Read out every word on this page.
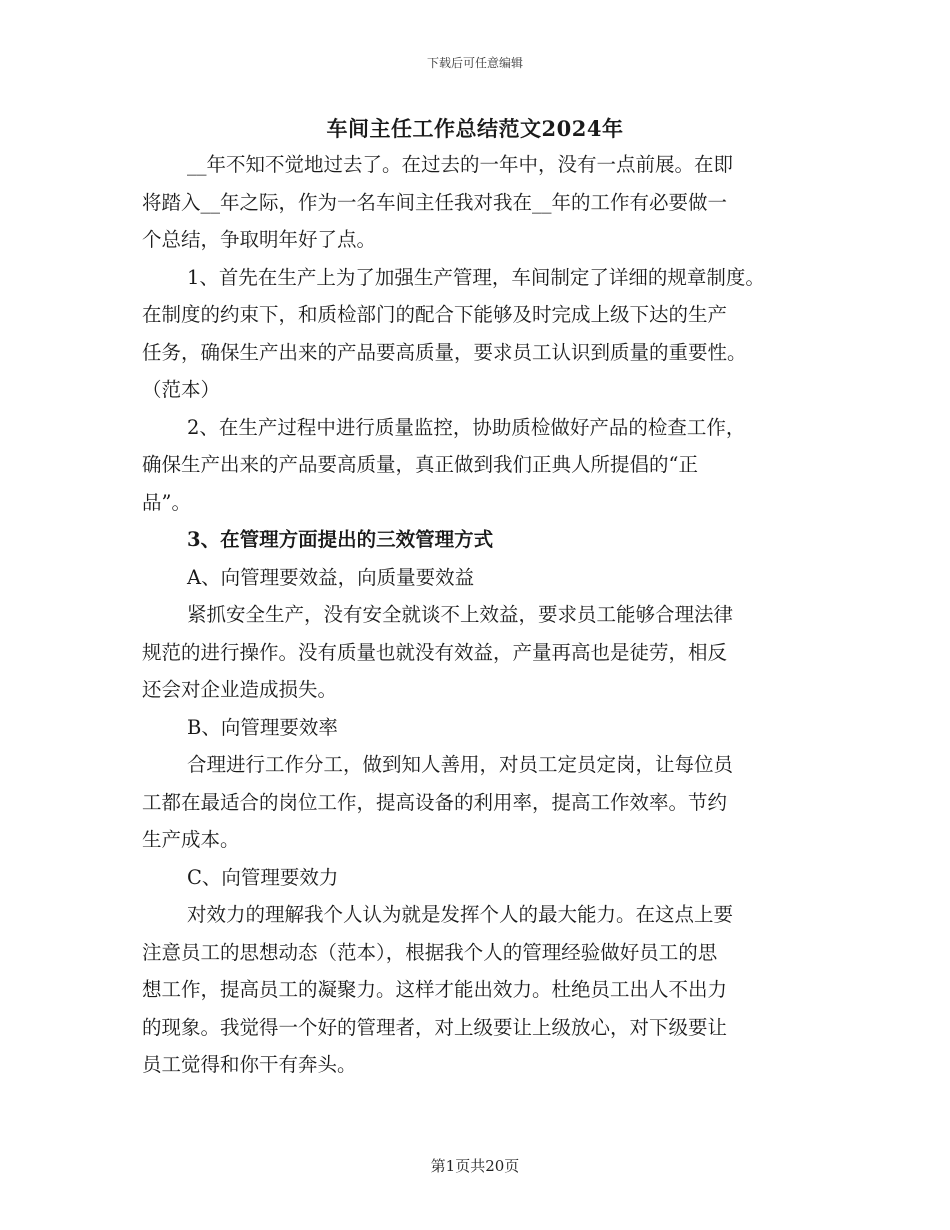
下载后可任意编辑
车间主任工作总结范文2024年
__年不知不觉地过去了。在过去的一年中，没有一点前展。在即
将踏入__年之际，作为一名车间主任我对我在__年的工作有必要做一
个总结，争取明年好了点。
1、首先在生产上为了加强生产管理，车间制定了详细的规章制度。
在制度的约束下，和质检部门的配合下能够及时完成上级下达的生产
任务，确保生产出来的产品要高质量，要求员工认识到质量的重要性。
（范本）
2、在生产过程中进行质量监控，协助质检做好产品的检查工作，
确保生产出来的产品要高质量，真正做到我们正典人所提倡的“正
品”。
3、在管理方面提出的三效管理方式
A、向管理要效益，向质量要效益
紧抓安全生产，没有安全就谈不上效益，要求员工能够合理法律
规范的进行操作。没有质量也就没有效益，产量再高也是徒劳，相反
还会对企业造成损失。
B、向管理要效率
合理进行工作分工，做到知人善用，对员工定员定岗，让每位员
工都在最适合的岗位工作，提高设备的利用率，提高工作效率。节约
生产成本。
C、向管理要效力
对效力的理解我个人认为就是发挥个人的最大能力。在这点上要
注意员工的思想动态（范本），根据我个人的管理经验做好员工的思
想工作，提高员工的凝聚力。这样才能出效力。杜绝员工出人不出力
的现象。我觉得一个好的管理者，对上级要让上级放心，对下级要让
员工觉得和你干有奔头。
第1页共20页
